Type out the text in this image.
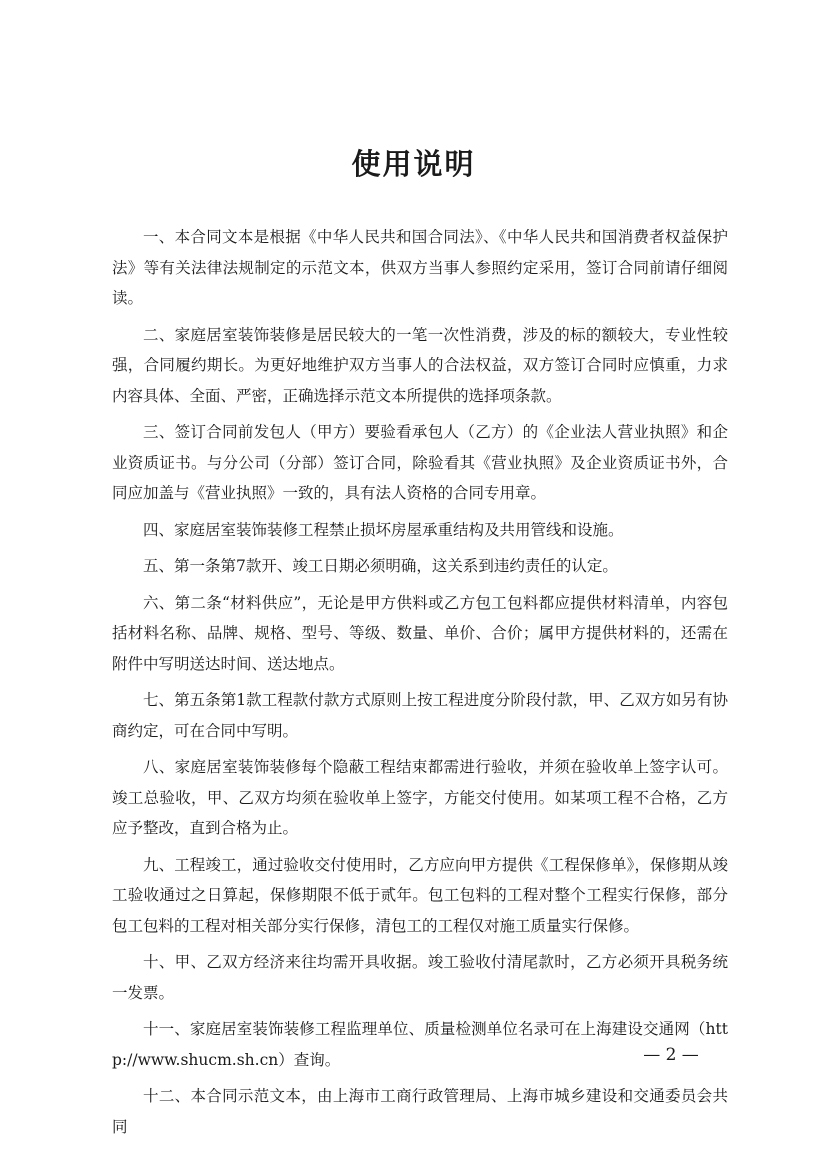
使用说明

一、本合同文本是根据《中华人民共和国合同法》、《中华人民共和国消费者权益保护法》等有关法律法规制定的示范文本，供双方当事人参照约定采用，签订合同前请仔细阅读。

二、家庭居室装饰装修是居民较大的一笔一次性消费，涉及的标的额较大，专业性较强，合同履约期长。为更好地维护双方当事人的合法权益，双方签订合同时应慎重，力求内容具体、全面、严密，正确选择示范文本所提供的选择项条款。

三、签订合同前发包人（甲方）要验看承包人（乙方）的《企业法人营业执照》和企业资质证书。与分公司（分部）签订合同，除验看其《营业执照》及企业资质证书外，合同应加盖与《营业执照》一致的，具有法人资格的合同专用章。

四、家庭居室装饰装修工程禁止损坏房屋承重结构及共用管线和设施。

五、第一条第7款开、竣工日期必须明确，这关系到违约责任的认定。

六、第二条“材料供应”，无论是甲方供料或乙方包工包料都应提供材料清单，内容包括材料名称、品牌、规格、型号、等级、数量、单价、合价；属甲方提供材料的，还需在附件中写明送达时间、送达地点。

七、第五条第1款工程款付款方式原则上按工程进度分阶段付款，甲、乙双方如另有协商约定，可在合同中写明。

八、家庭居室装饰装修每个隐蔽工程结束都需进行验收，并须在验收单上签字认可。竣工总验收，甲、乙双方均须在验收单上签字，方能交付使用。如某项工程不合格，乙方应予整改，直到合格为止。

九、工程竣工，通过验收交付使用时，乙方应向甲方提供《工程保修单》，保修期从竣工验收通过之日算起，保修期限不低于贰年。包工包料的工程对整个工程实行保修，部分包工包料的工程对相关部分实行保修，清包工的工程仅对施工质量实行保修。

十、甲、乙双方经济来往均需开具收据。竣工验收付清尾款时，乙方必须开具税务统一发票。

十一、家庭居室装饰装修工程监理单位、质量检测单位名录可在上海建设交通网（http://www.shucm.sh.cn）查询。

十二、本合同示范文本，由上海市工商行政管理局、上海市城乡建设和交通委员会共同

— 2 —
